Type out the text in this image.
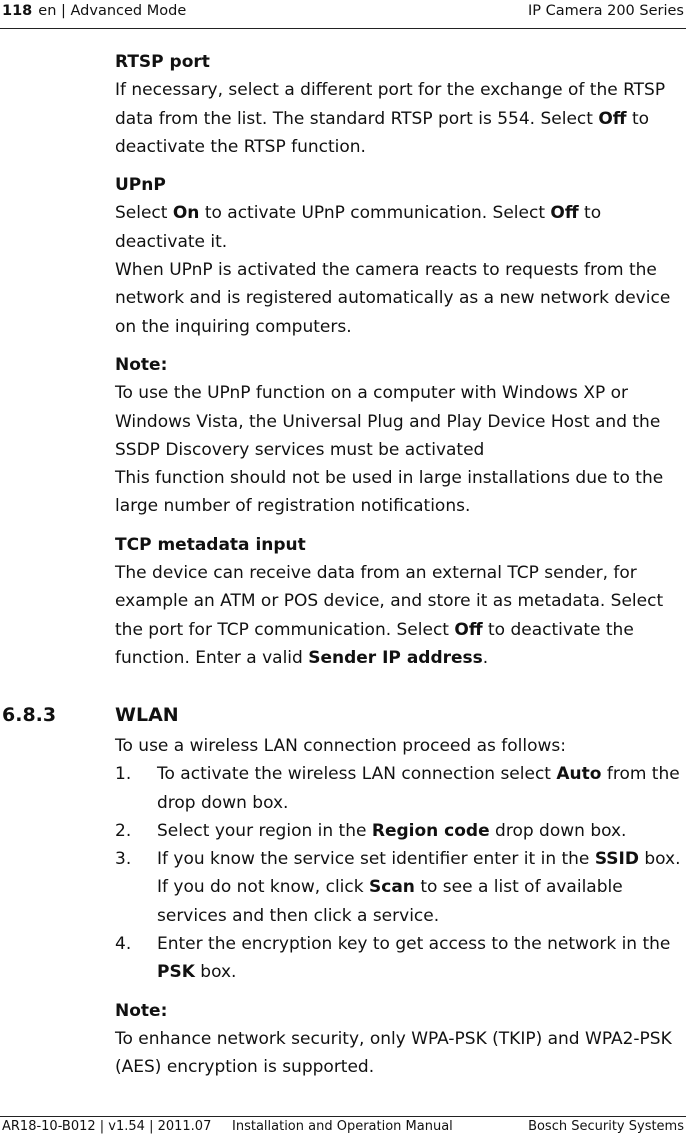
118 en | Advanced Mode	IP Camera 200 Series

RTSP port

If necessary, select a different port for the exchange of the RTSP data from the list. The standard RTSP port is 554. Select Off to deactivate the RTSP function.

UPnP

Select On to activate UPnP communication. Select Off to deactivate it.

When UPnP is activated the camera reacts to requests from the network and is registered automatically as a new network device on the inquiring computers.

Note:

To use the UPnP function on a computer with Windows XP or Windows Vista, the Universal Plug and Play Device Host and the SSDP Discovery services must be activated

This function should not be used in large installations due to the large number of registration notifications.

TCP metadata input

The device can receive data from an external TCP sender, for example an ATM or POS device, and store it as metadata. Select the port for TCP communication. Select Off to deactivate the function. Enter a valid Sender IP address.

6.8.3	WLAN

To use a wireless LAN connection proceed as follows:

1. To activate the wireless LAN connection select Auto from the drop down box.
2. Select your region in the Region code drop down box.
3. If you know the service set identifier enter it in the SSID box. If you do not know, click Scan to see a list of available services and then click a service.
4. Enter the encryption key to get access to the network in the PSK box.

Note:

To enhance network security, only WPA-PSK (TKIP) and WPA2-PSK (AES) encryption is supported.

AR18-10-B012 | v1.54 | 2011.07 Installation and Operation Manual	Bosch Security Systems
